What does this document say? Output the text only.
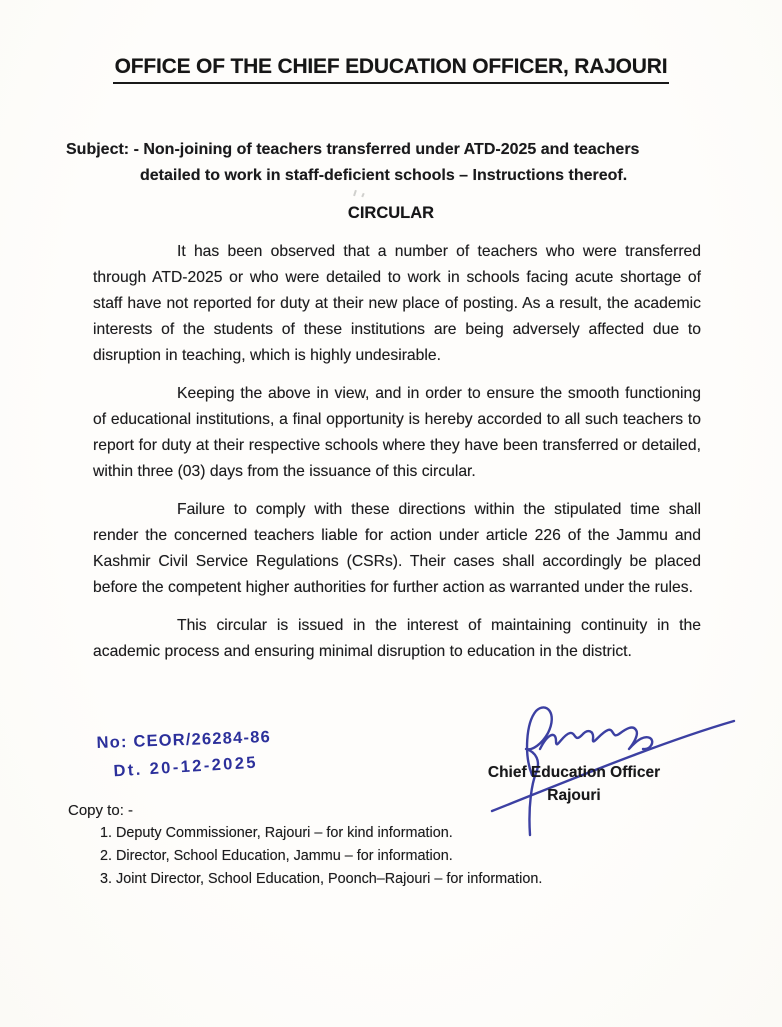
OFFICE OF THE CHIEF EDUCATION OFFICER, RAJOURI
Subject: - Non-joining of teachers transferred under ATD-2025 and teachers
detailed to work in staff-deficient schools – Instructions thereof.
CIRCULAR

It has been observed that a number of teachers who were transferred through ATD-2025 or who were detailed to work in schools facing acute shortage of staff have not reported for duty at their new place of posting. As a result, the academic interests of the students of these institutions are being adversely affected due to disruption in teaching, which is highly undesirable.

Keeping the above in view, and in order to ensure the smooth functioning of educational institutions, a final opportunity is hereby accorded to all such teachers to report for duty at their respective schools where they have been transferred or detailed, within three (03) days from the issuance of this circular.

Failure to comply with these directions within the stipulated time shall render the concerned teachers liable for action under article 226 of the Jammu and Kashmir Civil Service Regulations (CSRs). Their cases shall accordingly be placed before the competent higher authorities for further action as warranted under the rules.

This circular is issued in the interest of maintaining continuity in the academic process and ensuring minimal disruption to education in the district.

No: CEOR/26284-86
Dt. 20-12-2025	Chief Education Officer
Rajouri
Copy to: -
1. Deputy Commissioner, Rajouri – for kind information.
2. Director, School Education, Jammu – for information.
3. Joint Director, School Education, Poonch–Rajouri – for information.
